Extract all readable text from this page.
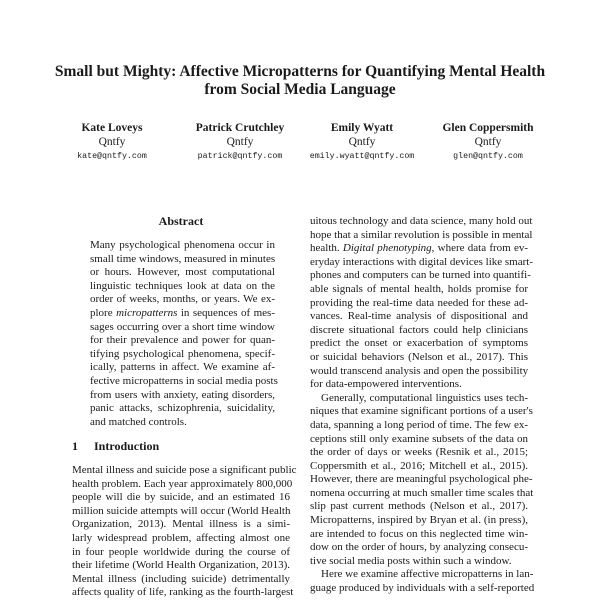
Small but Mighty: Affective Micropatterns for Quantifying Mental Health
from Social Media Language
Kate Loveys
Qntfy
kate@qntfy.com
Patrick Crutchley
Qntfy
patrick@qntfy.com
Emily Wyatt
Qntfy
emily.wyatt@qntfy.com
Glen Coppersmith
Qntfy
glen@qntfy.com
Abstract
Many psychological phenomena occur in
small time windows, measured in minutes
or hours. However, most computational
linguistic techniques look at data on the
order of weeks, months, or years. We ex-
plore micropatterns in sequences of mes-
sages occurring over a short time window
for their prevalence and power for quan-
tifying psychological phenomena, specif-
ically, patterns in affect. We examine af-
fective micropatterns in social media posts
from users with anxiety, eating disorders,
panic attacks, schizophrenia, suicidality,
and matched controls.
1 Introduction
Mental illness and suicide pose a significant public
health problem. Each year approximately 800,000
people will die by suicide, and an estimated 16
million suicide attempts will occur (World Health
Organization, 2013). Mental illness is a simi-
larly widespread problem, affecting almost one
in four people worldwide during the course of
their lifetime (World Health Organization, 2013).
Mental illness (including suicide) detrimentally
affects quality of life, ranking as the fourth-largest
uitous technology and data science, many hold out
hope that a similar revolution is possible in mental
health. Digital phenotyping, where data from ev-
eryday interactions with digital devices like smart-
phones and computers can be turned into quantifi-
able signals of mental health, holds promise for
providing the real-time data needed for these ad-
vances. Real-time analysis of dispositional and
discrete situational factors could help clinicians
predict the onset or exacerbation of symptoms
or suicidal behaviors (Nelson et al., 2017). This
would transcend analysis and open the possibility
for data-empowered interventions.
Generally, computational linguistics uses tech-
niques that examine significant portions of a user's
data, spanning a long period of time. The few ex-
ceptions still only examine subsets of the data on
the order of days or weeks (Resnik et al., 2015;
Coppersmith et al., 2016; Mitchell et al., 2015).
However, there are meaningful psychological phe-
nomena occurring at much smaller time scales that
slip past current methods (Nelson et al., 2017).
Micropatterns, inspired by Bryan et al. (in press),
are intended to focus on this neglected time win-
dow on the order of hours, by analyzing consecu-
tive social media posts within such a window.
Here we examine affective micropatterns in lan-
guage produced by individuals with a self-reported
